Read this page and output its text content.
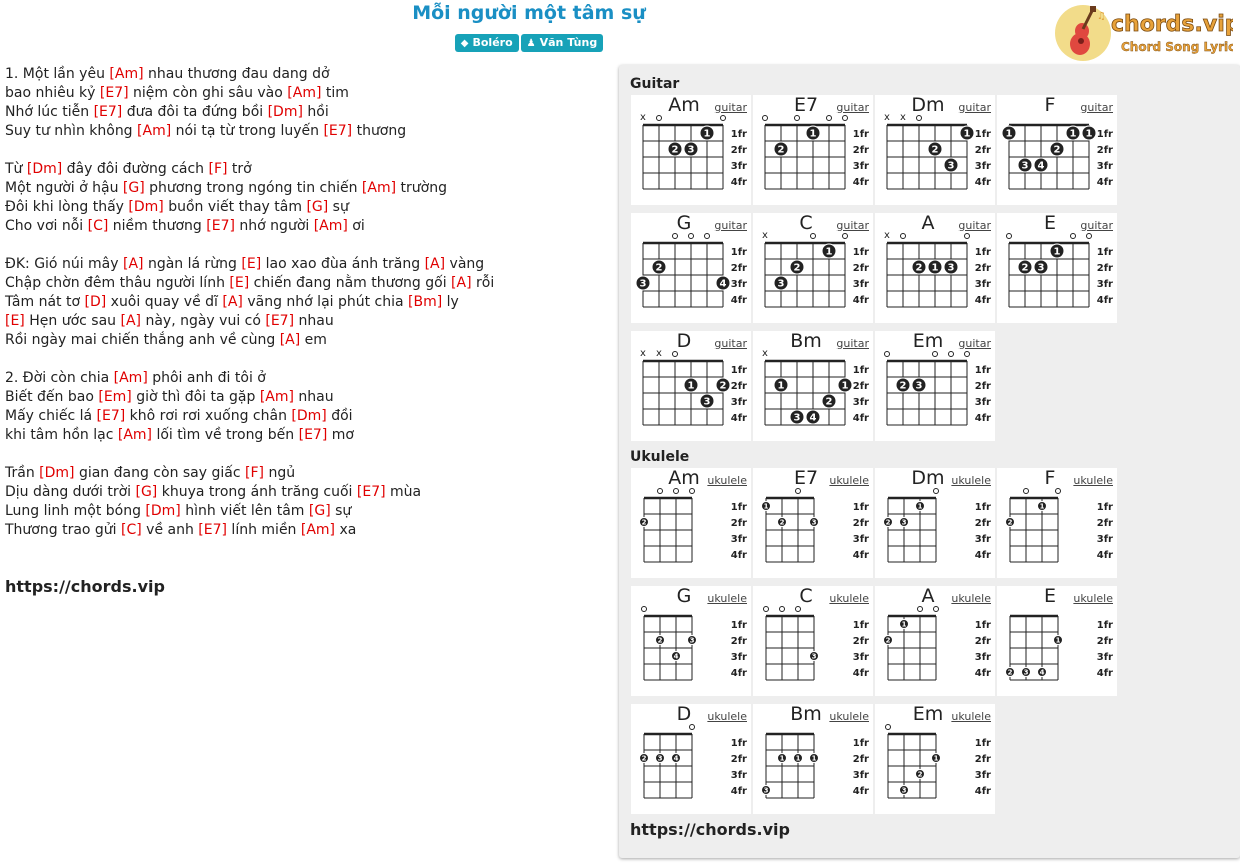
Mỗi người một tâm sự
◆ Boléro ♟ Văn Tùng
♫ chords.vip
Chord Song Lyric
1. Một lần yêu [Am] nhau thương đau dang dở
bao nhiêu kỷ [E7] niệm còn ghi sâu vào [Am] tim
Nhớ lúc tiễn [E7] đưa đôi ta đứng bồi [Dm] hồi
Suy tư nhìn không [Am] nói tạ từ trong luyến [E7] thương
Từ [Dm] đây đôi đường cách [F] trở
Một người ở hậu [G] phương trong ngóng tin chiến [Am] trường
Đôi khi lòng thấy [Dm] buồn viết thay tâm [G] sự
Cho vơi nỗi [C] niềm thương [E7] nhớ người [Am] ơi
ĐK: Gió núi mây [A] ngàn lá rừng [E] lao xao đùa ánh trăng [A] vàng
Chập chờn đêm thâu người lính [E] chiến đang nằm thương gối [A] rỗi
Tâm nát tơ [D] xuôi quay về dĩ [A] vãng nhớ lại phút chia [Bm] ly
[E] Hẹn ước sau [A] này, ngày vui có [E7] nhau
Rồi ngày mai chiến thắng anh về cùng [A] em
2. Đời còn chia [Am] phôi anh đi tôi ở
Biết đến bao [Em] giờ thì đôi ta gặp [Am] nhau
Mấy chiếc lá [E7] khô rơi rơi xuống chân [Dm] đồi
khi tâm hồn lạc [Am] lối tìm về trong bến [E7] mơ
Trần [Dm] gian đang còn say giấc [F] ngủ
Dịu dàng dưới trời [G] khuya trong ánh trăng cuối [E7] mùa
Lung linh một bóng [Dm] hình viết lên tâm [G] sự
Thương trao gửi [C] về anh [E7] lính miền [Am] xa
https://chords.vip
Guitar
x
1
2 3
1fr
2fr
3fr
4fr
Am	guitar
1
2
1fr
2fr
3fr
4fr
E7	guitar
x x
1
2
3
1fr
2fr
3fr
4fr
Dm	guitar
1	1 1
2
3 4
1fr
2fr
3fr
4fr
F	guitar
2
3	4
1fr
2fr
3fr
4fr
G	guitar
x
1
2
3
1fr
2fr
3fr
4fr
C	guitar
x
2 1 3
1fr
2fr
3fr
4fr
A	guitar
1
2 3
1fr
2fr
3fr
4fr
E	guitar
x x
1	2
3
1fr
2fr
3fr
4fr
D	guitar
x
1	1
2
3 4
1fr
2fr
3fr
4fr
Bm	guitar
2 3
1fr
2fr
3fr
4fr
Em	guitar
Ukulele
2
1fr
2fr
3fr
4fr
Am ukulele
1
2	3
1fr
2fr
3fr
4fr
E7	ukulele
1
2 3
1fr
2fr
3fr
4fr
Dm ukulele
1
2
1fr
2fr
3fr
4fr
F	ukulele
2	3
4
1fr
2fr
3fr
4fr
G	ukulele
3
1fr
2fr
3fr
4fr
C	ukulele
1
2
1fr
2fr
3fr
4fr
A	ukulele
1
2 3 4
1fr
2fr
3fr
4fr
E	ukulele
2 3 4
1fr
2fr
3fr
4fr
D	ukulele
1 1 1
3
1fr
2fr
3fr
4fr
Bm ukulele
1
2
3
1fr
2fr
3fr
4fr
Em ukulele
https://chords.vip
